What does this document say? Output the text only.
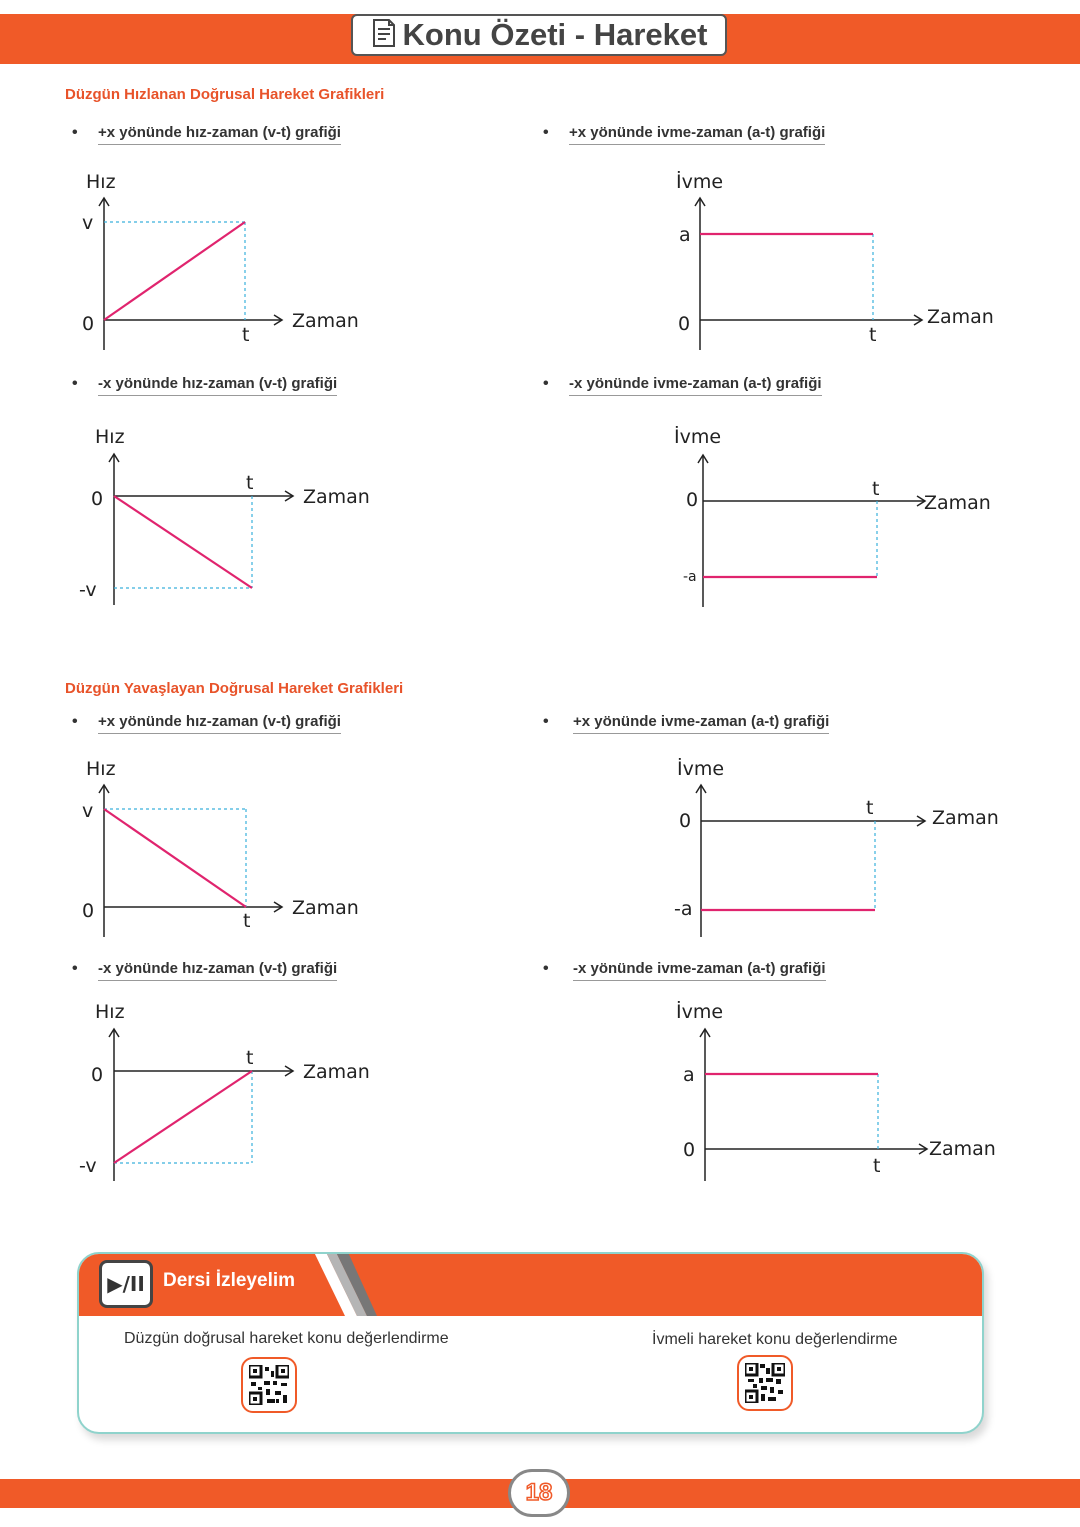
Konu Özeti - Hareket
Düzgün Hızlanan Doğrusal Hareket Grafikleri
•	+x yönünde hız-zaman (v-t) grafiği
Hız
v
0	t
Zaman
•	+x yönünde ivme-zaman (a-t) grafiği
İvme
a
0	t
Zaman
•	-x yönünde hız-zaman (v-t) grafiği
Hız
0
-v
t
Zaman
•	-x yönünde ivme-zaman (a-t) grafiği
İvme
0
-a
t
Zaman
Düzgün Yavaşlayan Doğrusal Hareket Grafikleri
•	+x yönünde hız-zaman (v-t) grafiği
Hız
v
0	t
Zaman
•	+x yönünde ivme-zaman (a-t) grafiği
İvme
0
-a
t	Zaman
•	-x yönünde hız-zaman (v-t) grafiği
Hız
0
-v
t
Zaman
•	-x yönünde ivme-zaman (a-t) grafiği
İvme
a
0
t
Zaman
▶/II Dersi İzleyelim
Düzgün doğrusal hareket konu değerlendirme	İvmeli hareket konu değerlendirme
18
